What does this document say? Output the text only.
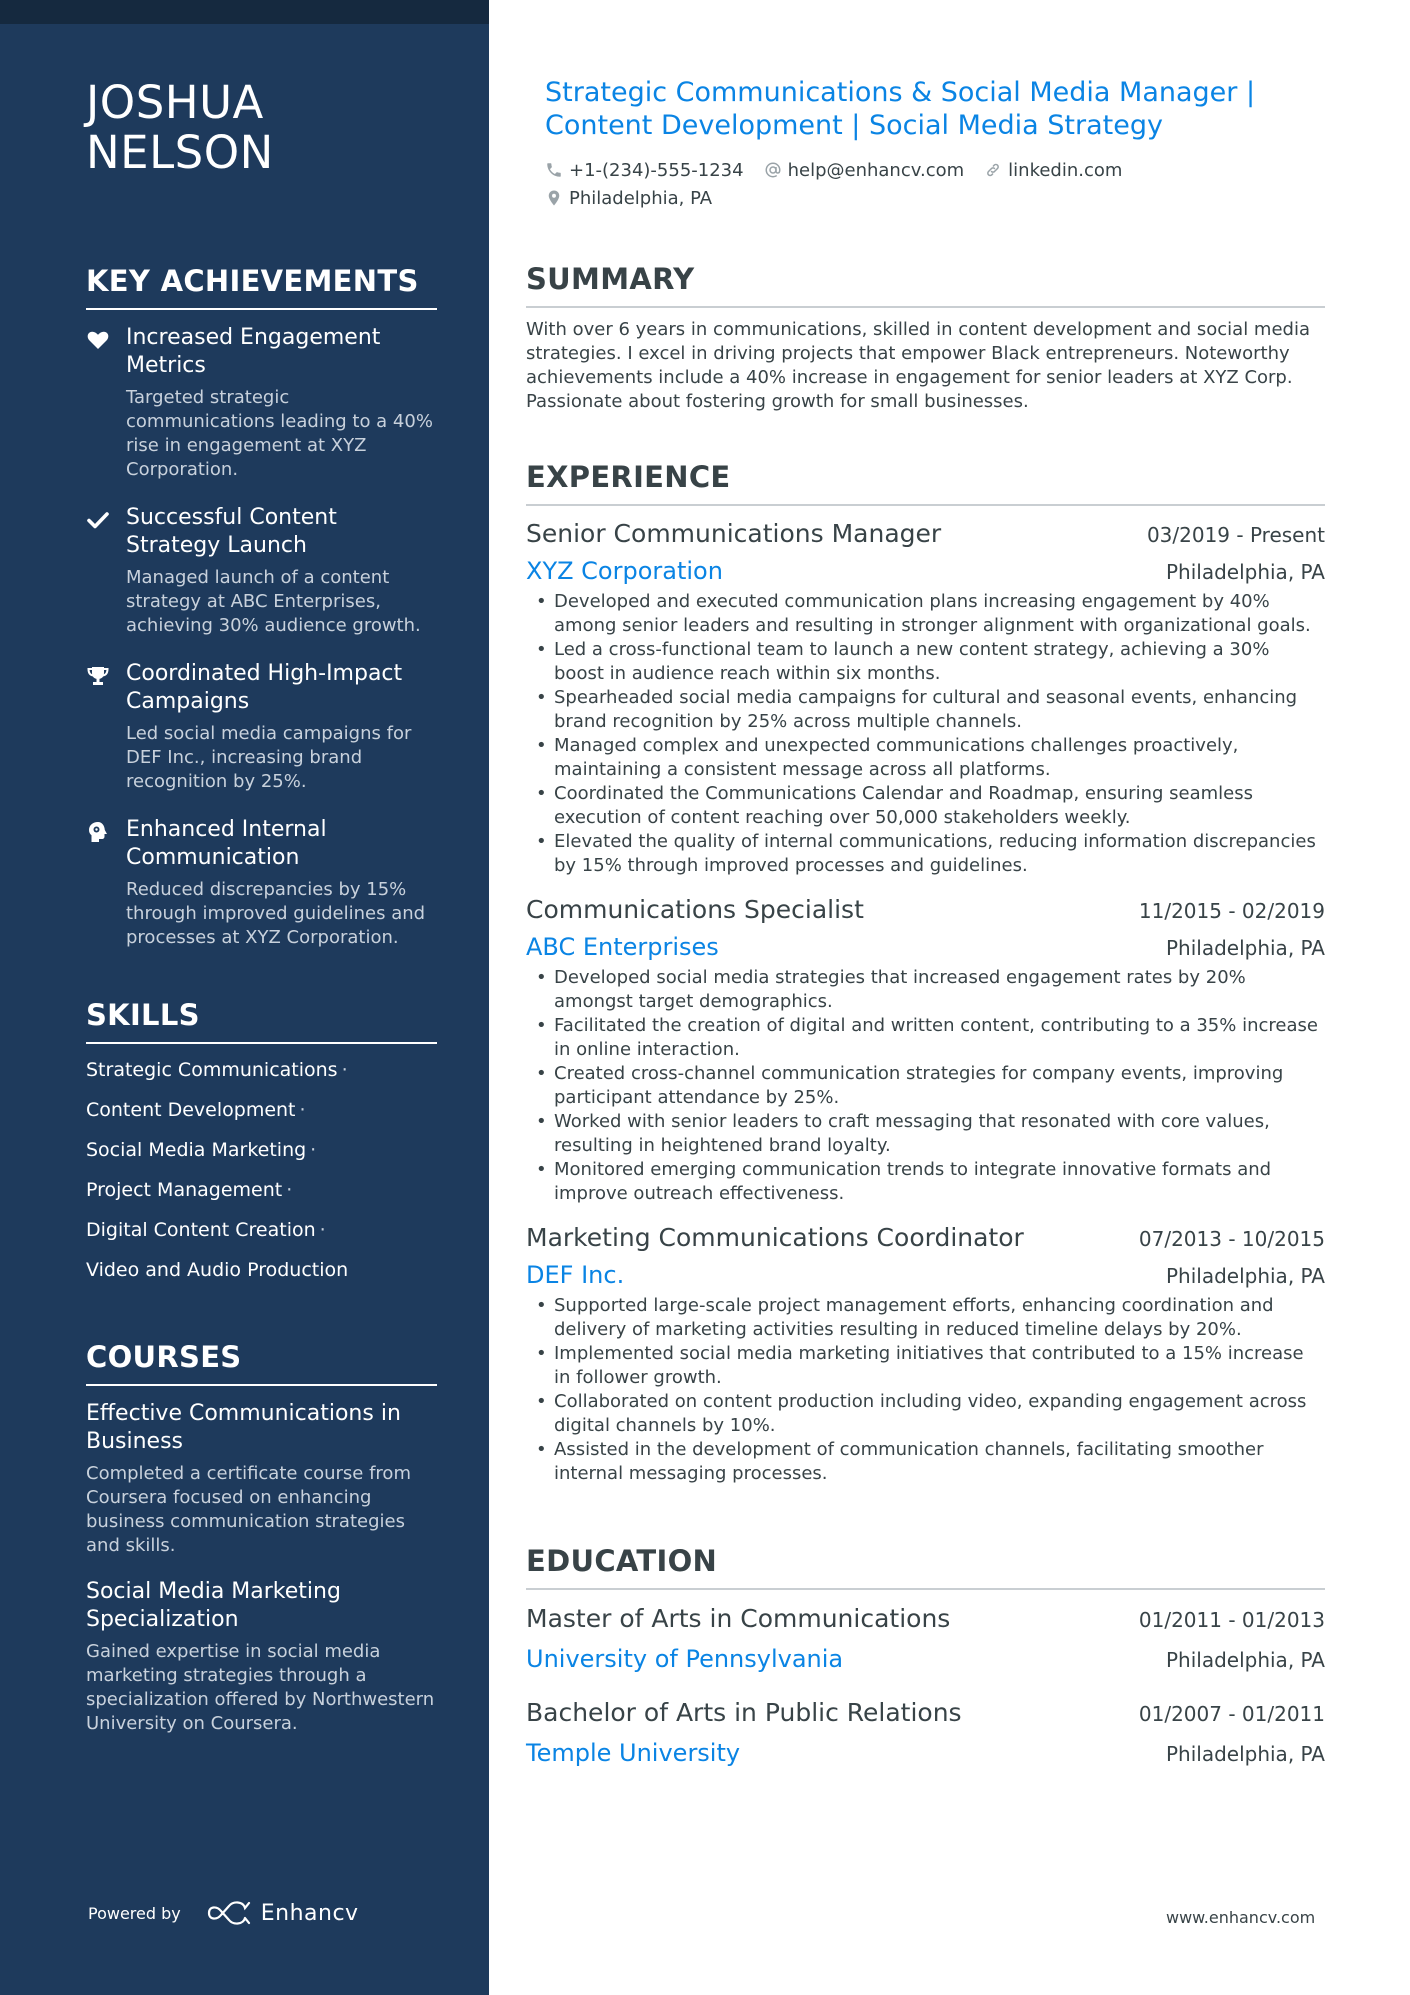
JOSHUA NELSON
KEY ACHIEVEMENTS
Increased Engagement Metrics
Targeted strategic communications leading to a 40% rise in engagement at XYZ Corporation.
Successful Content Strategy Launch
Managed launch of a content strategy at ABC Enterprises, achieving 30% audience growth.
Coordinated High-Impact Campaigns
Led social media campaigns for DEF Inc., increasing brand recognition by 25%.
Enhanced Internal Communication
Reduced discrepancies by 15% through improved guidelines and processes at XYZ Corporation.
SKILLS
Strategic Communications ·
Content Development ·
Social Media Marketing ·
Project Management ·
Digital Content Creation ·
Video and Audio Production
COURSES
Effective Communications in Business
Completed a certificate course from Coursera focused on enhancing business communication strategies and skills.
Social Media Marketing Specialization
Gained expertise in social media marketing strategies through a specialization offered by Northwestern University on Coursera.
Powered by	Enhancv
Strategic Communications & Social Media Manager | Content Development | Social Media Strategy
+1-(234)-555-1234 help@enhancv.com linkedin.com
Philadelphia, PA
SUMMARY

With over 6 years in communications, skilled in content development and social media strategies. I excel in driving projects that empower Black entrepreneurs. Noteworthy achievements include a 40% increase in engagement for senior leaders at XYZ Corp. Passionate about fostering growth for small businesses.

EXPERIENCE
Senior Communications Manager	03/2019 - Present
XYZ Corporation	Philadelphia, PA
• Developed and executed communication plans increasing engagement by 40% among senior leaders and resulting in stronger alignment with organizational goals.
• Led a cross-functional team to launch a new content strategy, achieving a 30% boost in audience reach within six months.
• Spearheaded social media campaigns for cultural and seasonal events, enhancing brand recognition by 25% across multiple channels.
• Managed complex and unexpected communications challenges proactively, maintaining a consistent message across all platforms.
• Coordinated the Communications Calendar and Roadmap, ensuring seamless execution of content reaching over 50,000 stakeholders weekly.
• Elevated the quality of internal communications, reducing information discrepancies by 15% through improved processes and guidelines.
Communications Specialist	11/2015 - 02/2019
ABC Enterprises	Philadelphia, PA
• Developed social media strategies that increased engagement rates by 20% amongst target demographics.
• Facilitated the creation of digital and written content, contributing to a 35% increase in online interaction.
• Created cross-channel communication strategies for company events, improving participant attendance by 25%.
• Worked with senior leaders to craft messaging that resonated with core values, resulting in heightened brand loyalty.
• Monitored emerging communication trends to integrate innovative formats and improve outreach effectiveness.
Marketing Communications Coordinator	07/2013 - 10/2015
DEF Inc.	Philadelphia, PA
• Supported large-scale project management efforts, enhancing coordination and delivery of marketing activities resulting in reduced timeline delays by 20%.
• Implemented social media marketing initiatives that contributed to a 15% increase in follower growth.
• Collaborated on content production including video, expanding engagement across digital channels by 10%.
• Assisted in the development of communication channels, facilitating smoother internal messaging processes.
EDUCATION
Master of Arts in Communications	01/2011 - 01/2013
University of Pennsylvania	Philadelphia, PA
Bachelor of Arts in Public Relations	01/2007 - 01/2011
Temple University	Philadelphia, PA
www.enhancv.com
